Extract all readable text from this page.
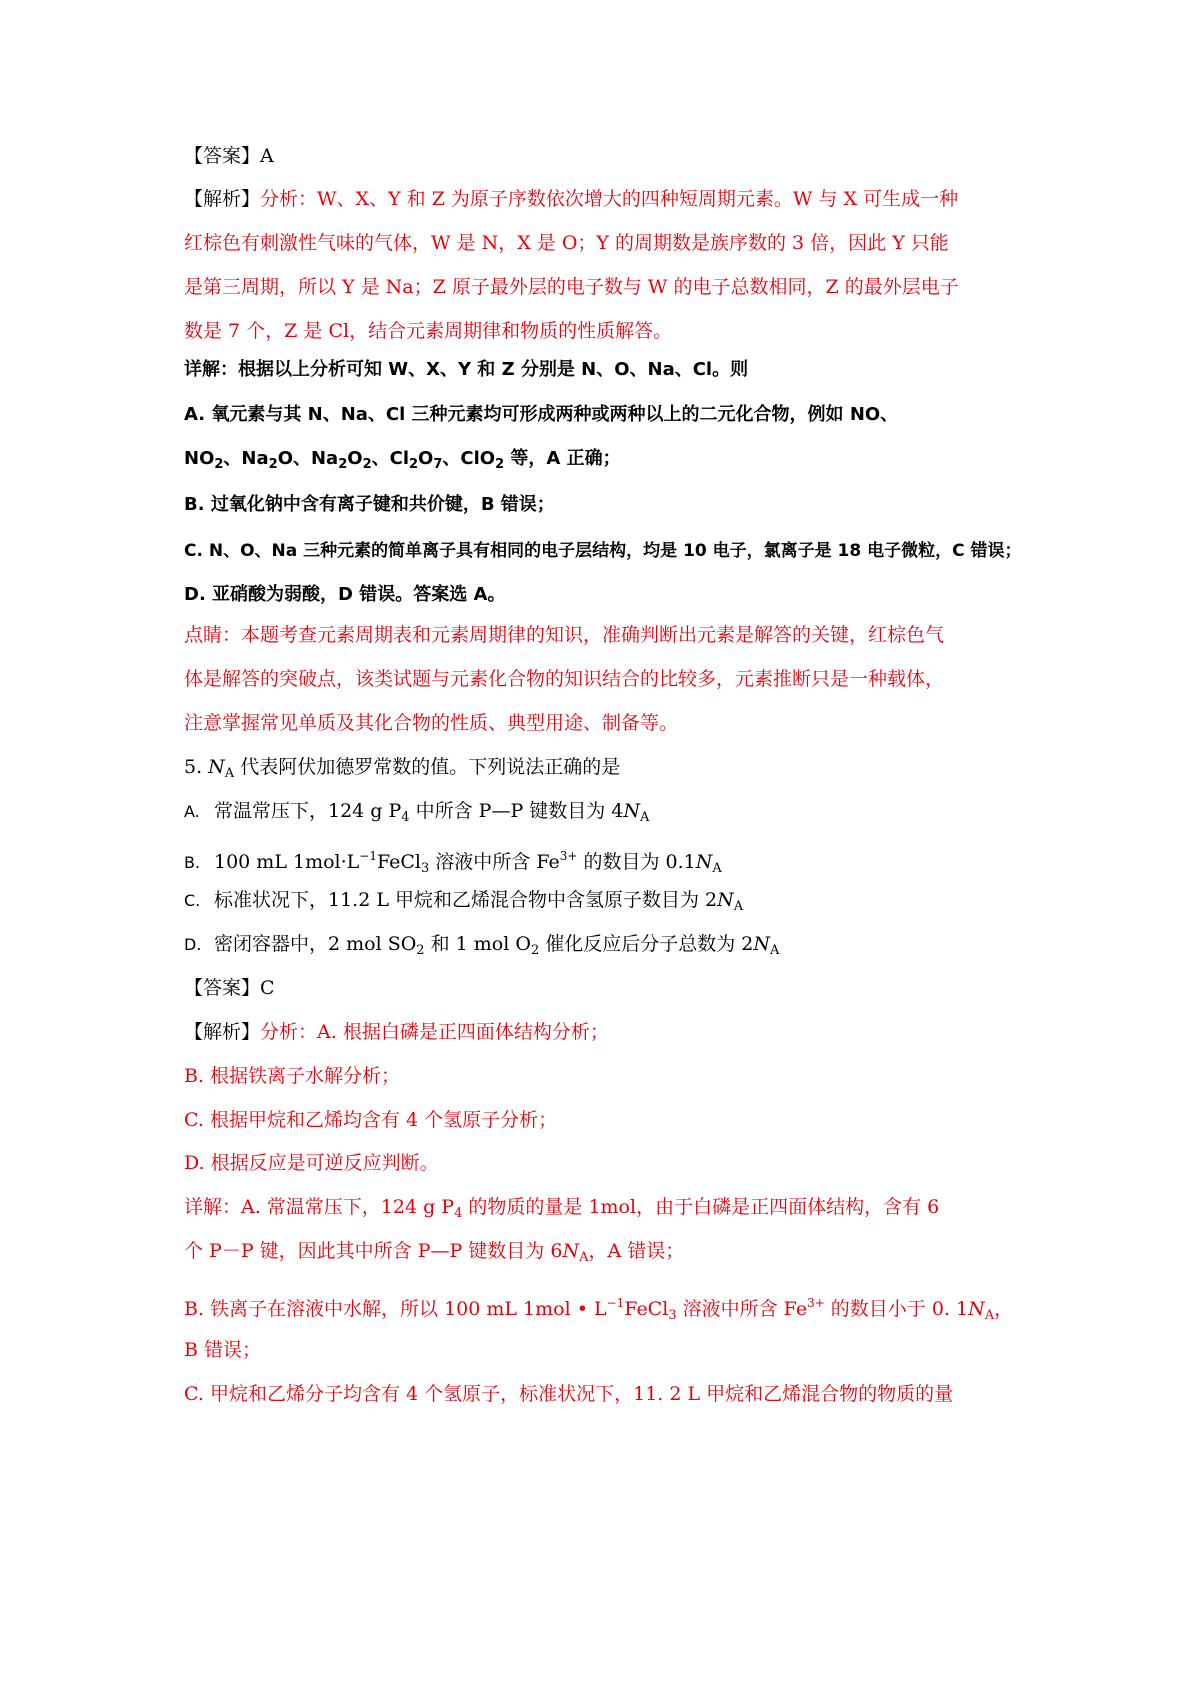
【答案】A
【解析】分析：W、X、Y 和 Z 为原子序数依次增大的四种短周期元素。W 与 X 可生成一种
红棕色有刺激性气味的气体，W 是 N，X 是 O；Y 的周期数是族序数的 3 倍，因此 Y 只能
是第三周期，所以 Y 是 Na；Z 原子最外层的电子数与 W 的电子总数相同，Z 的最外层电子
数是 7 个，Z 是 Cl，结合元素周期律和物质的性质解答。
详解：根据以上分析可知 W、X、Y 和 Z 分别是 N、O、Na、Cl。则
A. 氧元素与其 N、Na、Cl 三种元素均可形成两种或两种以上的二元化合物，例如 NO、
$NO_2$、$Na_2O$、$Na_2O_2$、$Cl_2O_7$、ClO$_2$ 等，A 正确；
B. 过氧化钠中含有离子键和共价键，B 错误；
C. N、O、Na 三种元素的简单离子具有相同的电子层结构，均是 10 电子，氯离子是 18 电子微粒，C 错误；
D. 亚硝酸为弱酸，D 错误。答案选 A。
点睛：本题考查元素周期表和元素周期律的知识，准确判断出元素是解答的关键，红棕色气
体是解答的突破点，该类试题与元素化合物的知识结合的比较多，元素推断只是一种载体，
注意掌握常见单质及其化合物的性质、典型用途、制备等。
5. $N_A$ 代表阿伏加德罗常数的值。下列说法正确的是
A. 常温常压下，124 g $P_4$ 中所含 P—P 键数目为 $4N_A$
B. 100 mL $1mol\cdot L^{-1}FeCl_3$ 溶液中所含 $Fe^{3+}$ 的数目为 $0.1N_A$
C. 标准状况下，11.2 L 甲烷和乙烯混合物中含氢原子数目为 $2N_A$
D. 密闭容器中，2 mol $SO_2$ 和 1 mol $O_2$ 催化反应后分子总数为 $2N_A$
【答案】C
【解析】分析：A. 根据白磷是正四面体结构分析；
B. 根据铁离子水解分析；
C. 根据甲烷和乙烯均含有 4 个氢原子分析；
D. 根据反应是可逆反应判断。
详解：A. 常温常压下，124 g $P_4$ 的物质的量是 1mol，由于白磷是正四面体结构，含有 6
个 P－P 键，因此其中所含 P—P 键数目为 $6N_A$，A 错误；
B. 铁离子在溶液中水解，所以 100 mL 1mol • $L^{-1}FeCl_3$ 溶液中所含 $Fe^{3+}$ 的数目小于 0. $1N_A$，
B 错误；
C. 甲烷和乙烯分子均含有 4 个氢原子，标准状况下，11. 2 L 甲烷和乙烯混合物的物质的量
